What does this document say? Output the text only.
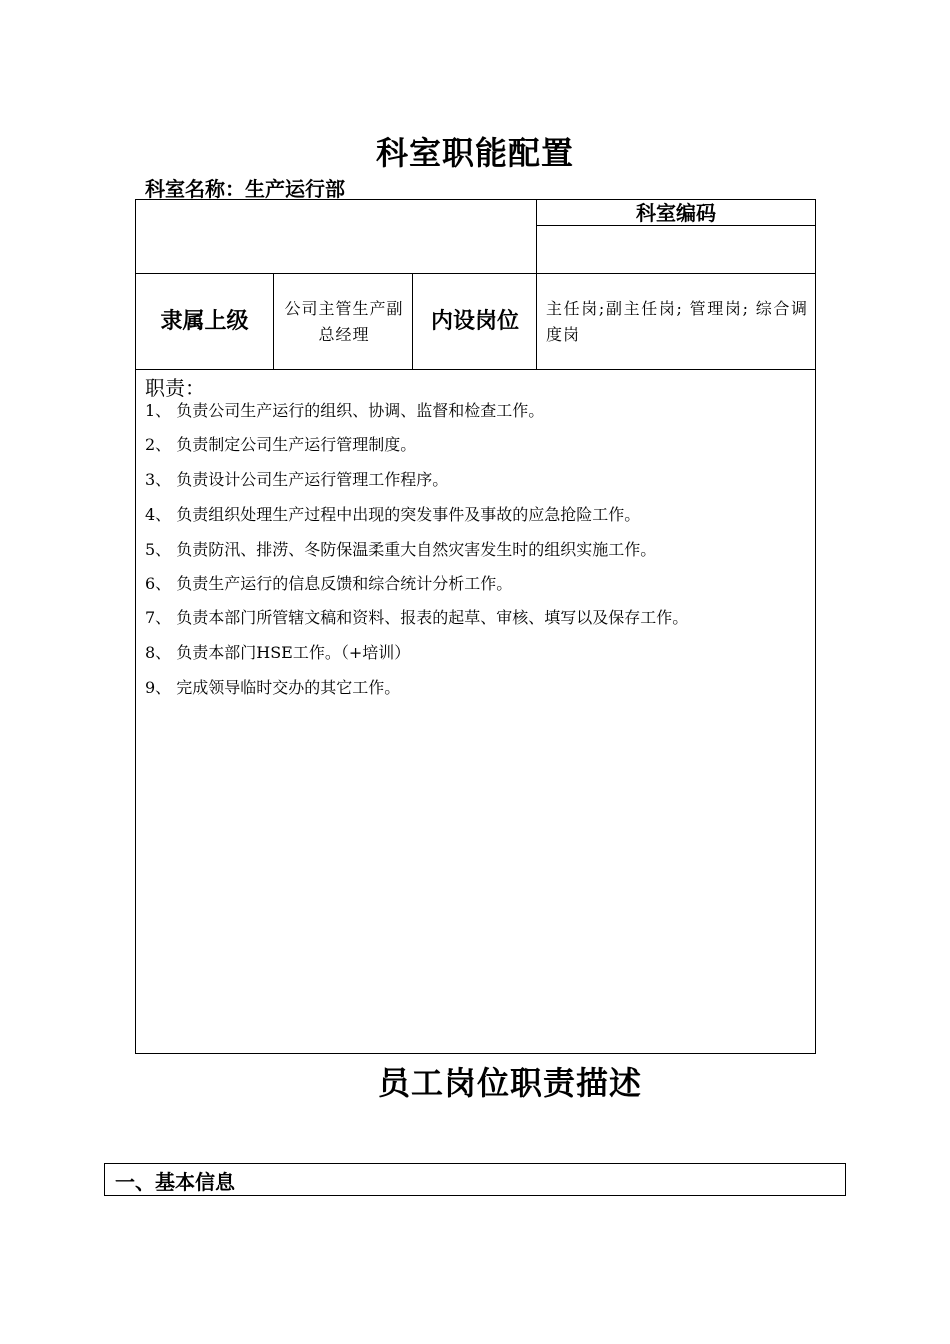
科室职能配置
科室名称：生产运行部
科室编码
隶属上级
公司主管生产副总经理
内设岗位
主任岗;副主任岗; 管理岗; 综合调度岗
职责：
1、 负责公司生产运行的组织、协调、监督和检查工作。
2、 负责制定公司生产运行管理制度。
3、 负责设计公司生产运行管理工作程序。
4、 负责组织处理生产过程中出现的突发事件及事故的应急抢险工作。
5、 负责防汛、排涝、冬防保温柔重大自然灾害发生时的组织实施工作。
6、 负责生产运行的信息反馈和综合统计分析工作。
7、 负责本部门所管辖文稿和资料、报表的起草、审核、填写以及保存工作。
8、 负责本部门HSE工作。（+培训）
9、 完成领导临时交办的其它工作。
员工岗位职责描述
一、基本信息
